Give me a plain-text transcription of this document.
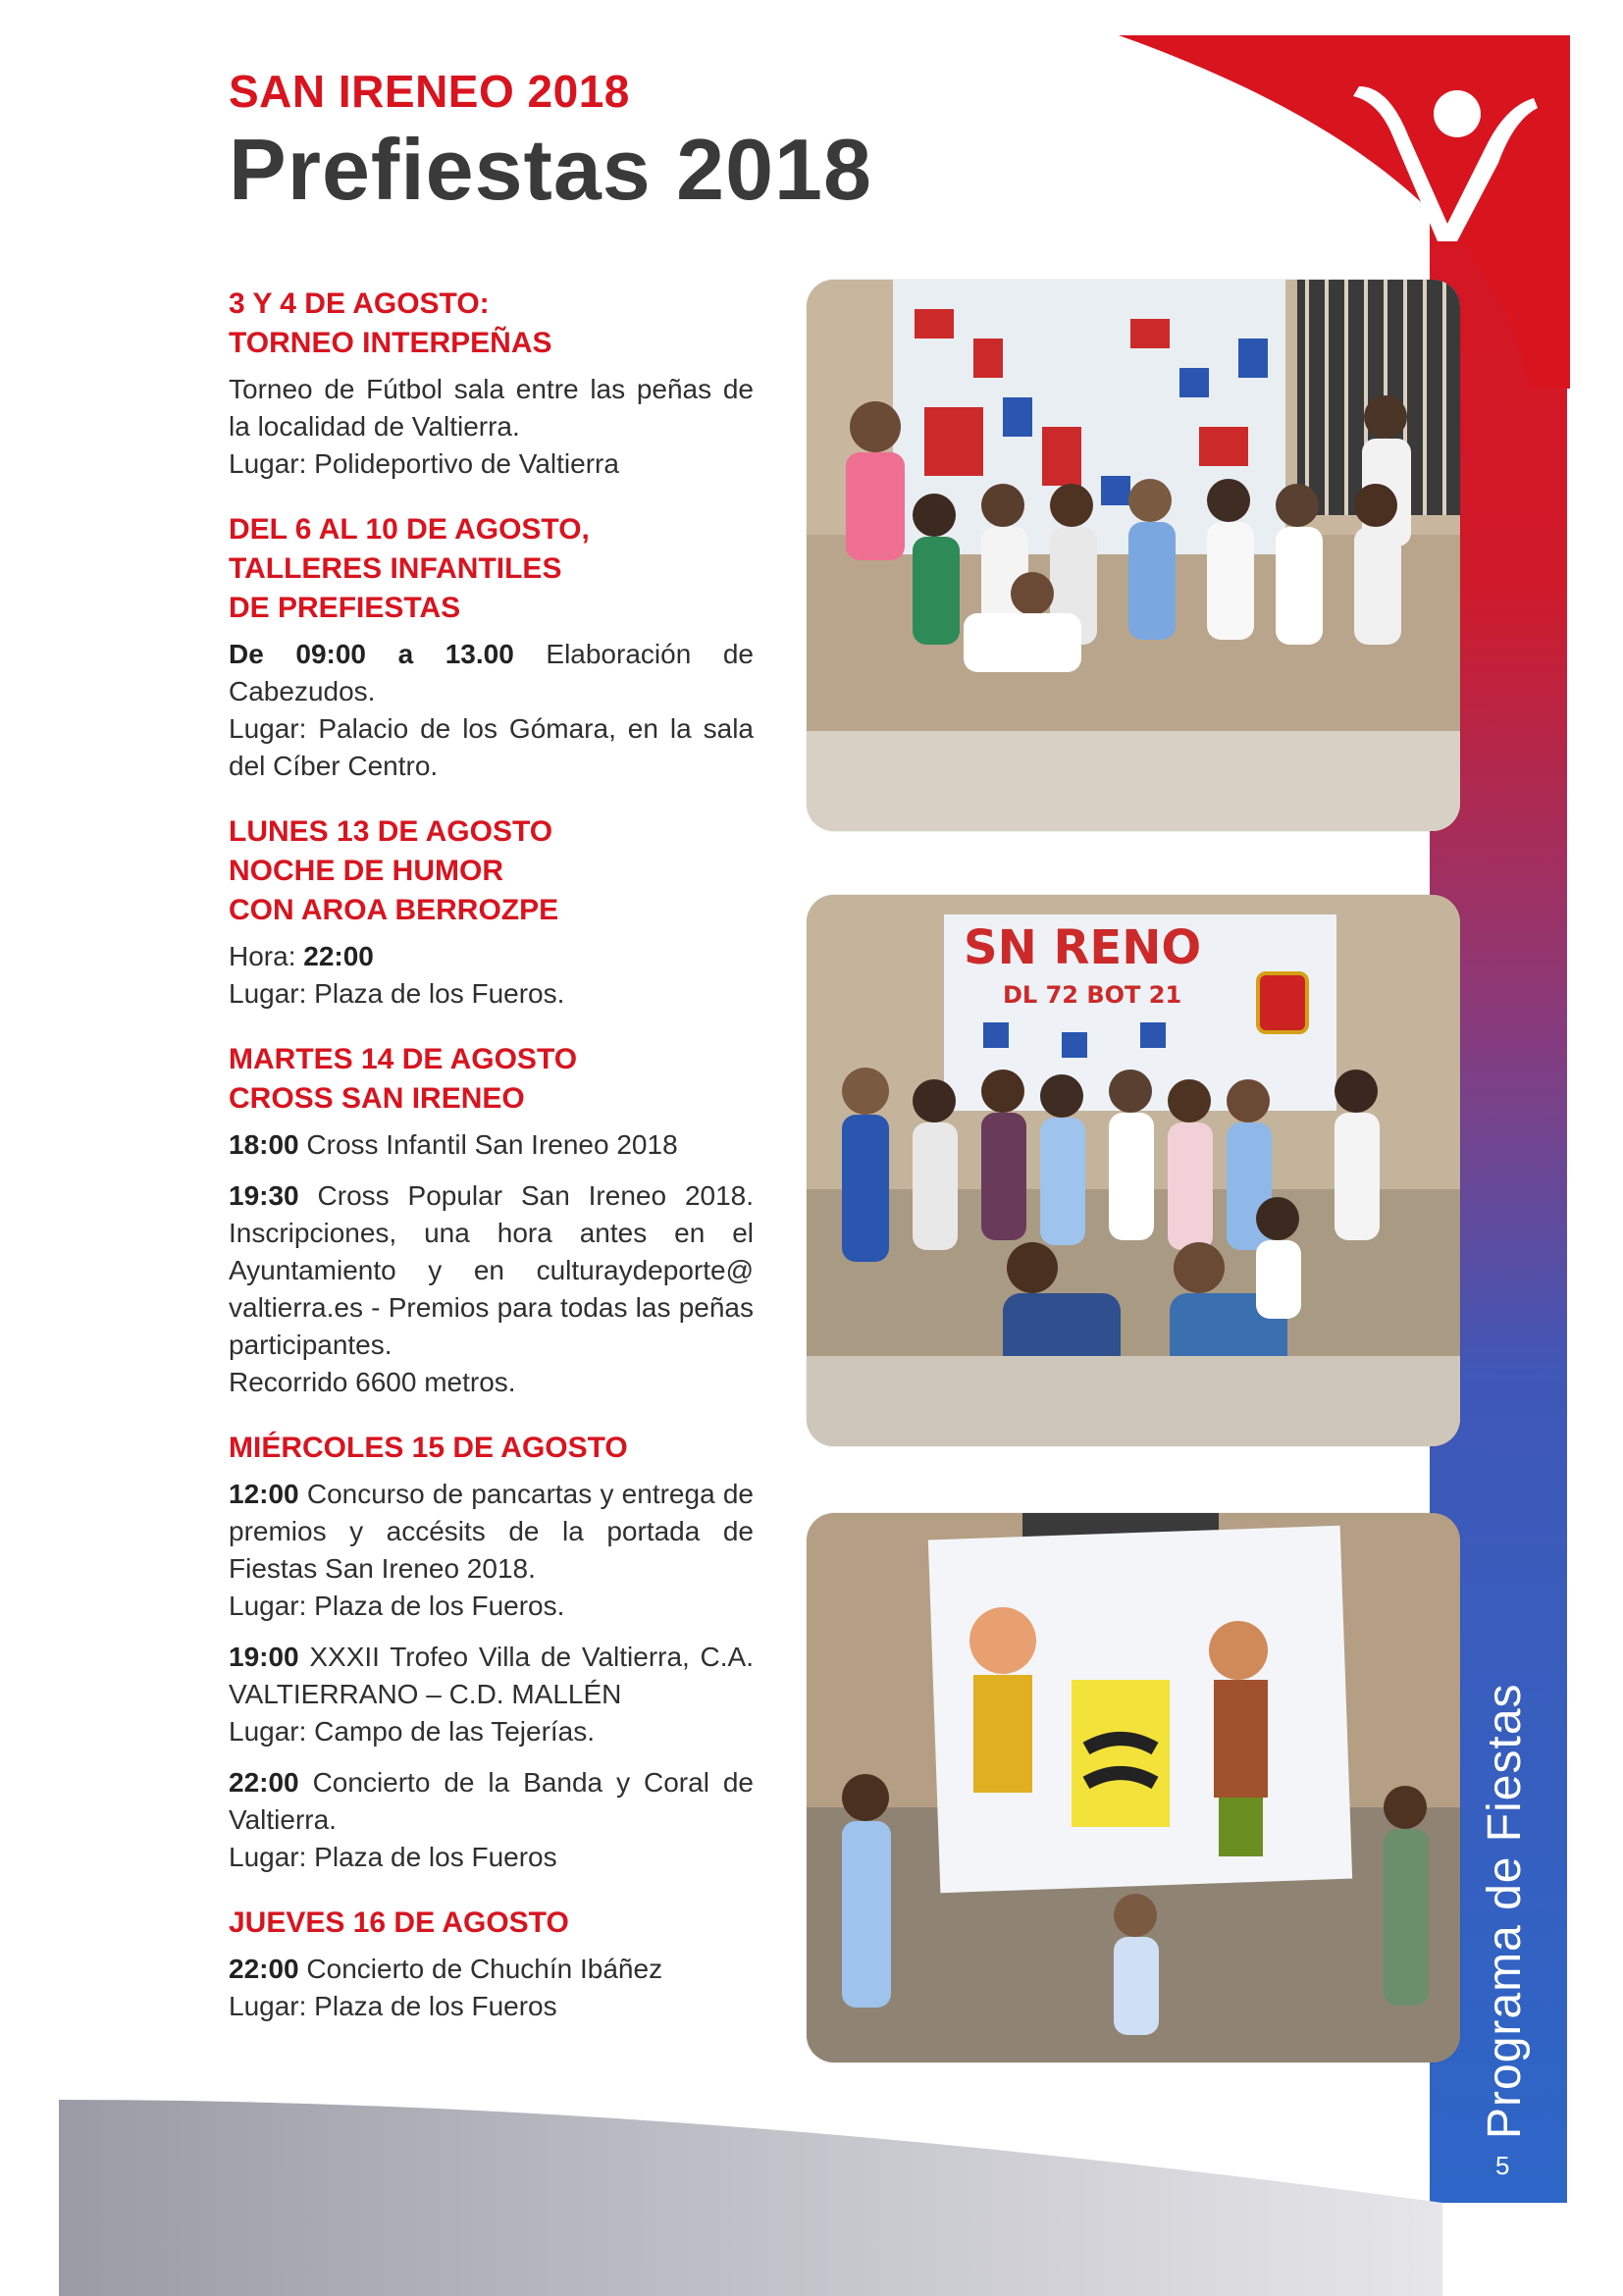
Programa de Fiestas
5
SAN IRENEO 2018
Prefiestas 2018

3 Y 4 DE AGOSTO:
TORNEO INTERPEÑAS

Torneo de Fútbol sala entre las peñas de la localidad de Valtierra.

Lugar: Polideportivo de Valtierra

DEL 6 AL 10 DE AGOSTO,
TALLERES INFANTILES
DE PREFIESTAS

De 09:00 a 13.00 Elaboración de Cabezudos.

Lugar: Palacio de los Gómara, en la sala del Cíber Centro.

LUNES 13 DE AGOSTO
NOCHE DE HUMOR
CON AROA BERROZPE

Hora: 22:00

Lugar: Plaza de los Fueros.

MARTES 14 DE AGOSTO
CROSS SAN IRENEO

18:00 Cross Infantil San Ireneo 2018

19:30 Cross Popular San Ireneo 2018. Inscripciones, una hora antes en el Ayuntamiento y en culturaydeporte@ valtierra.es - Premios para todas las peñas participantes.

Recorrido 6600 metros.

MIÉRCOLES 15 DE AGOSTO

12:00 Concurso de pancartas y entrega de premios y accésits de la portada de Fiestas San Ireneo 2018.

Lugar: Plaza de los Fueros.

19:00 XXXII Trofeo Villa de Valtierra, C.A. VALTIERRANO – C.D. MALLÉN

Lugar: Campo de las Tejerías.

22:00 Concierto de la Banda y Coral de Valtierra.

Lugar: Plaza de los Fueros

JUEVES 16 DE AGOSTO

22:00 Concierto de Chuchín Ibáñez

Lugar: Plaza de los Fueros

SN RENO
DL 72 BOT 21
